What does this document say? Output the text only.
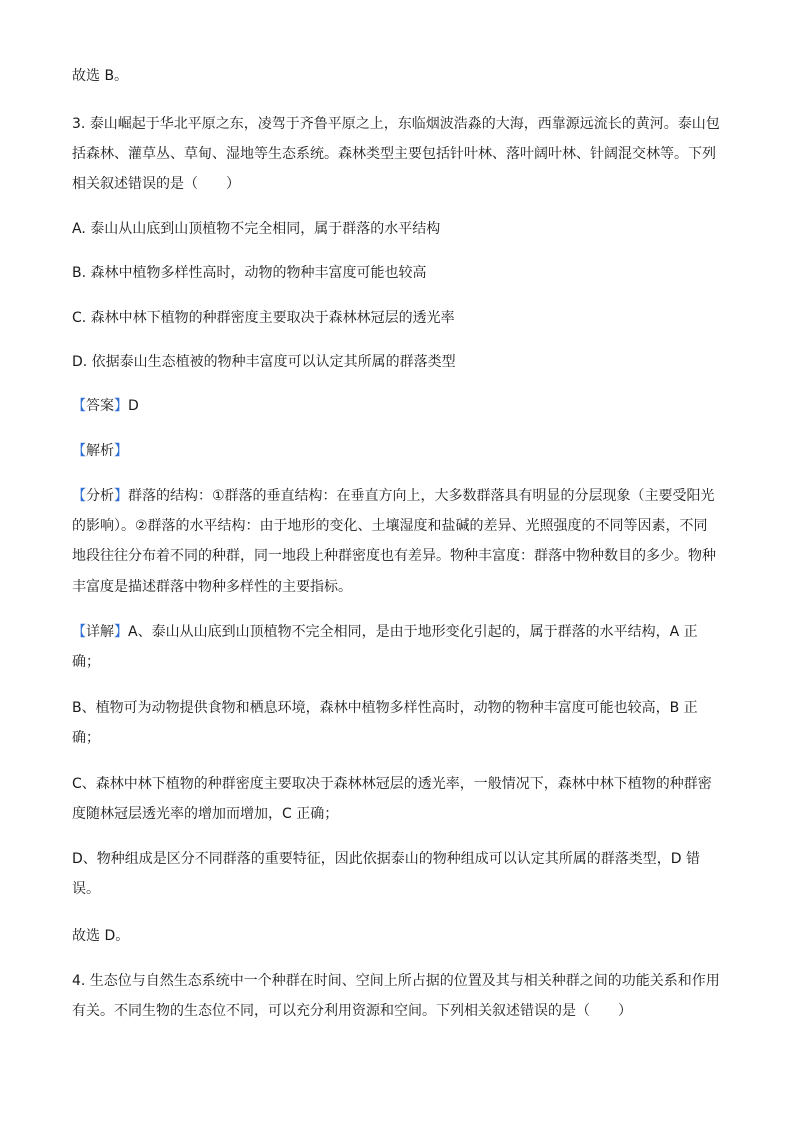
故选 B。
3. 泰山崛起于华北平原之东，凌驾于齐鲁平原之上，东临烟波浩淼的大海，西靠源远流长的黄河。泰山包
括森林、灌草丛、草甸、湿地等生态系统。森林类型主要包括针叶林、落叶阔叶林、针阔混交林等。下列
相关叙述错误的是（　　）
A. 泰山从山底到山顶植物不完全相同，属于群落的水平结构
B. 森林中植物多样性高时，动物的物种丰富度可能也较高
C. 森林中林下植物的种群密度主要取决于森林林冠层的透光率
D. 依据泰山生态植被的物种丰富度可以认定其所属的群落类型
【答案】D
【解析】
【分析】群落的结构：①群落的垂直结构：在垂直方向上，大多数群落具有明显的分层现象（主要受阳光
的影响）。②群落的水平结构：由于地形的变化、土壤湿度和盐碱的差异、光照强度的不同等因素，不同
地段往往分布着不同的种群，同一地段上种群密度也有差异。物种丰富度：群落中物种数目的多少。物种
丰富度是描述群落中物种多样性的主要指标。
【详解】A、泰山从山底到山顶植物不完全相同，是由于地形变化引起的，属于群落的水平结构，A 正
确；
B、植物可为动物提供食物和栖息环境，森林中植物多样性高时，动物的物种丰富度可能也较高，B 正
确；
C、森林中林下植物的种群密度主要取决于森林林冠层的透光率，一般情况下，森林中林下植物的种群密
度随林冠层透光率的增加而增加，C 正确；
D、物种组成是区分不同群落的重要特征，因此依据泰山的物种组成可以认定其所属的群落类型，D 错
误。
故选 D。
4. 生态位与自然生态系统中一个种群在时间、空间上所占据的位置及其与相关种群之间的功能关系和作用
有关。不同生物的生态位不同，可以充分利用资源和空间。下列相关叙述错误的是（　　）
